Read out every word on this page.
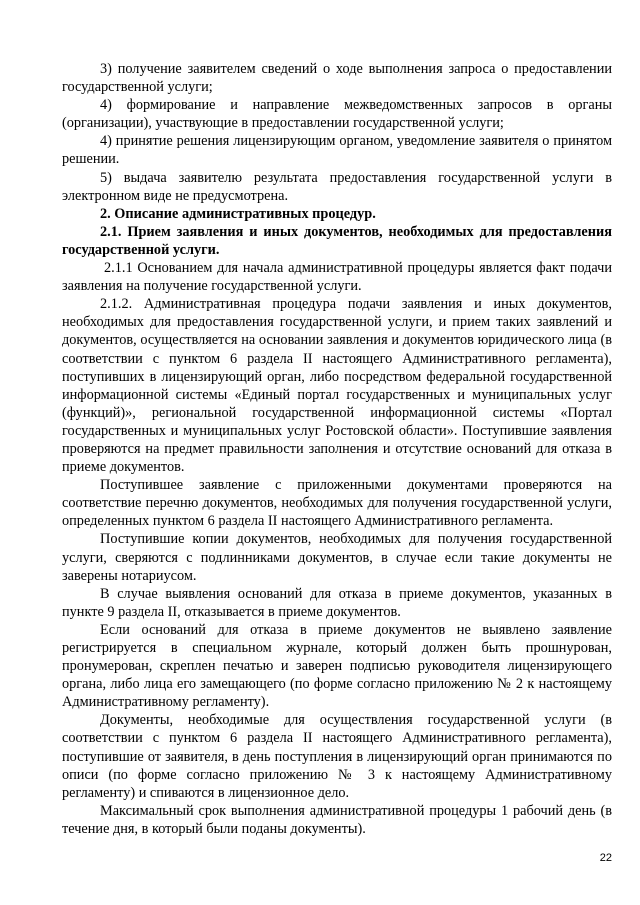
3) получение заявителем сведений о ходе выполнения запроса о предоставлении государственной услуги;

4) формирование и направление межведомственных запросов в органы (организации), участвующие в предоставлении государственной услуги;

4) принятие решения лицензирующим органом, уведомление заявителя о принятом решении.

5) выдача заявителю результата предоставления государственной услуги в электронном виде не предусмотрена.

2. Описание административных процедур.

2.1. Прием заявления и иных документов, необходимых для предоставления государственной услуги.

2.1.1 Основанием для начала административной процедуры является факт подачи заявления на получение государственной услуги.

2.1.2. Административная процедура подачи заявления и иных документов, необходимых для предоставления государственной услуги, и прием таких заявлений и документов, осуществляется на основании заявления и документов юридического лица (в соответствии с пунктом 6 раздела II настоящего Административного регламента), поступивших в лицензирующий орган, либо посредством федеральной государственной информационной системы «Единый портал государственных и муниципальных услуг (функций)», региональной государственной информационной системы «Портал государственных и муниципальных услуг Ростовской области». Поступившие заявления проверяются на предмет правильности заполнения и отсутствие оснований для отказа в приеме документов.

Поступившее заявление с приложенными документами проверяются на соответствие перечню документов, необходимых для получения государственной услуги, определенных пунктом 6 раздела II настоящего Административного регламента.

Поступившие копии документов, необходимых для получения государственной услуги, сверяются с подлинниками документов, в случае если такие документы не заверены нотариусом.

В случае выявления оснований для отказа в приеме документов, указанных в пункте 9 раздела II, отказывается в приеме документов.

Если оснований для отказа в приеме документов не выявлено заявление регистрируется в специальном журнале, который должен быть прошнурован, пронумерован, скреплен печатью и заверен подписью руководителя лицензирующего органа, либо лица его замещающего (по форме согласно приложению № 2 к настоящему Административному регламенту).

Документы, необходимые для осуществления государственной услуги (в соответствии с пунктом 6 раздела II настоящего Административного регламента), поступившие от заявителя, в день поступления в лицензирующий орган принимаются по описи (по форме согласно приложению № 3 к настоящему Административному регламенту) и спиваются в лицензионное дело.

Максимальный срок выполнения административной процедуры 1 рабочий день (в течение дня, в который были поданы документы).

22
